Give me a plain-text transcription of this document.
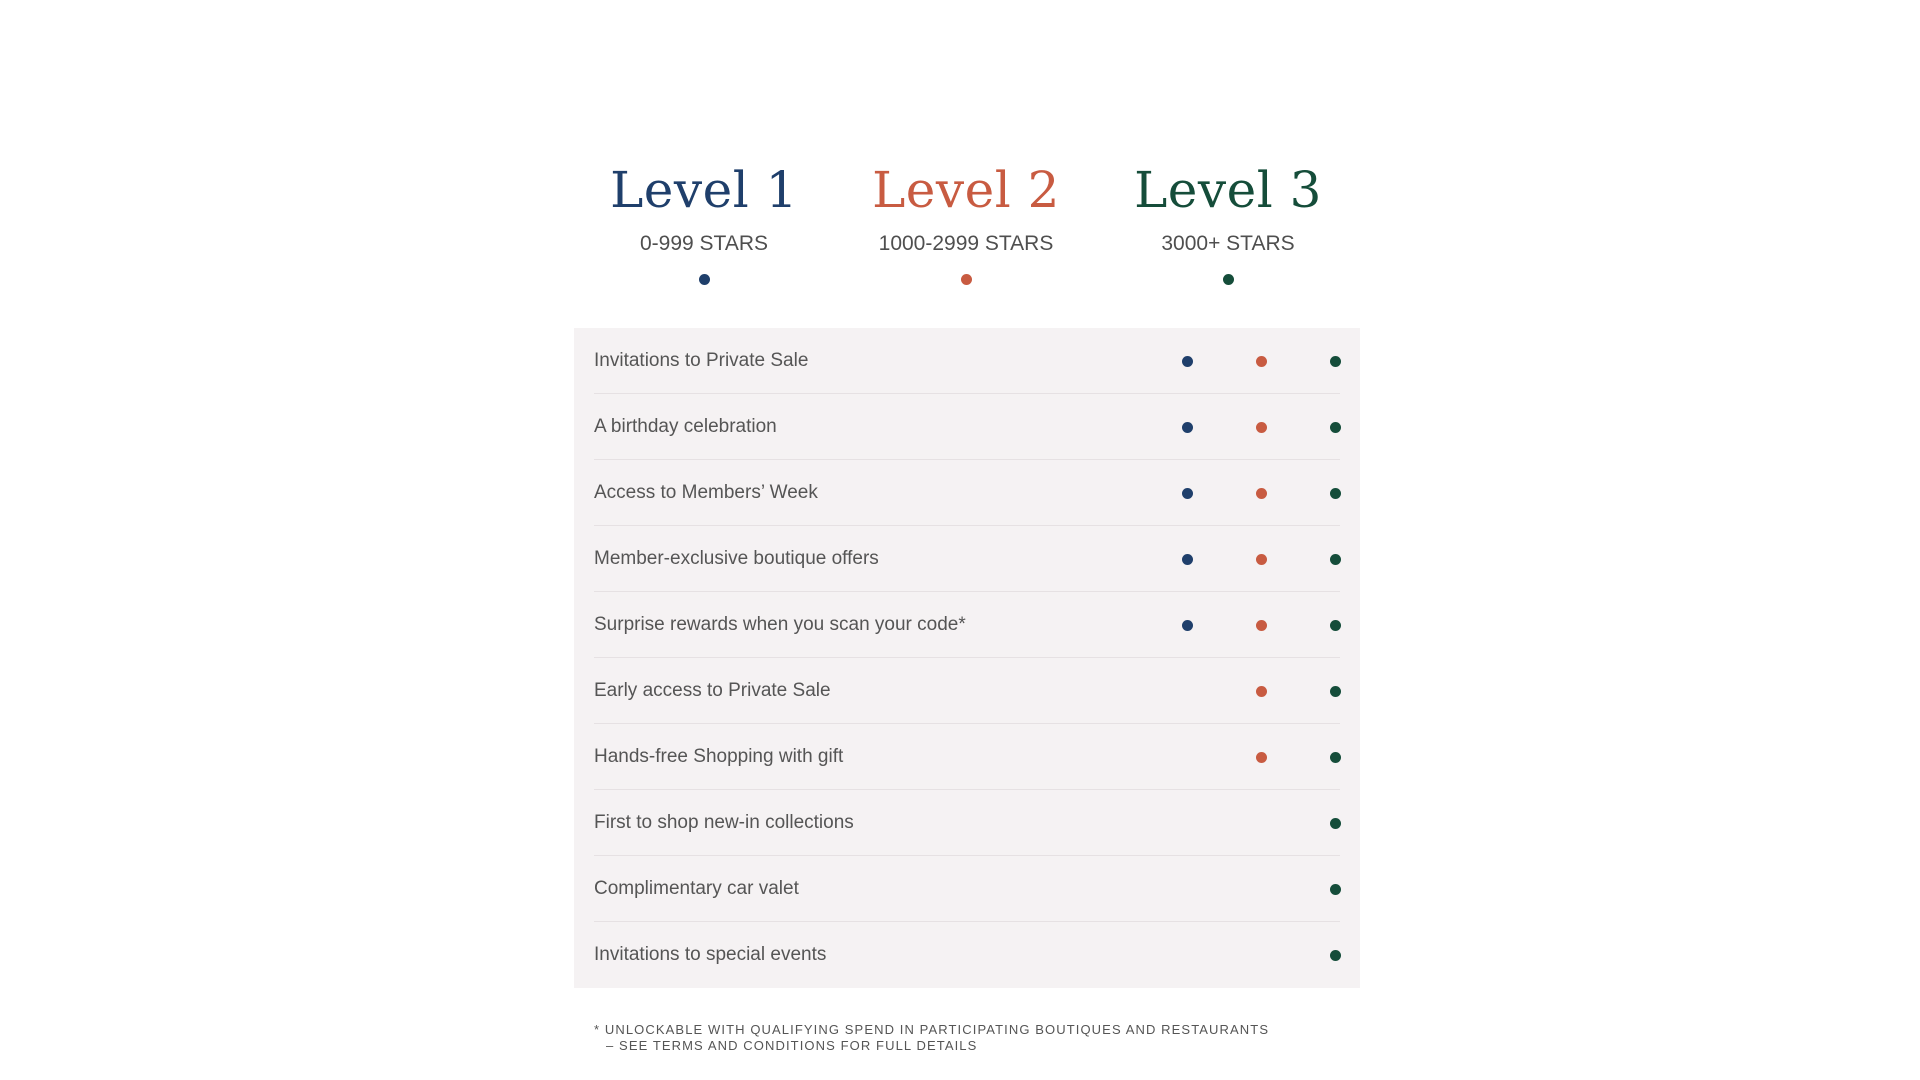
Level 1
0-999 STARS
Level 2
1000-2999 STARS
Level 3
3000+ STARS
Invitations to Private Sale
A birthday celebration
Access to Members’ Week
Member-exclusive boutique offers
Surprise rewards when you scan your code*
Early access to Private Sale
Hands-free Shopping with gift
First to shop new-in collections
Complimentary car valet
Invitations to special events
* UNLOCKABLE WITH QUALIFYING SPEND IN PARTICIPATING BOUTIQUES AND RESTAURANTS
– SEE TERMS AND CONDITIONS FOR FULL DETAILS
